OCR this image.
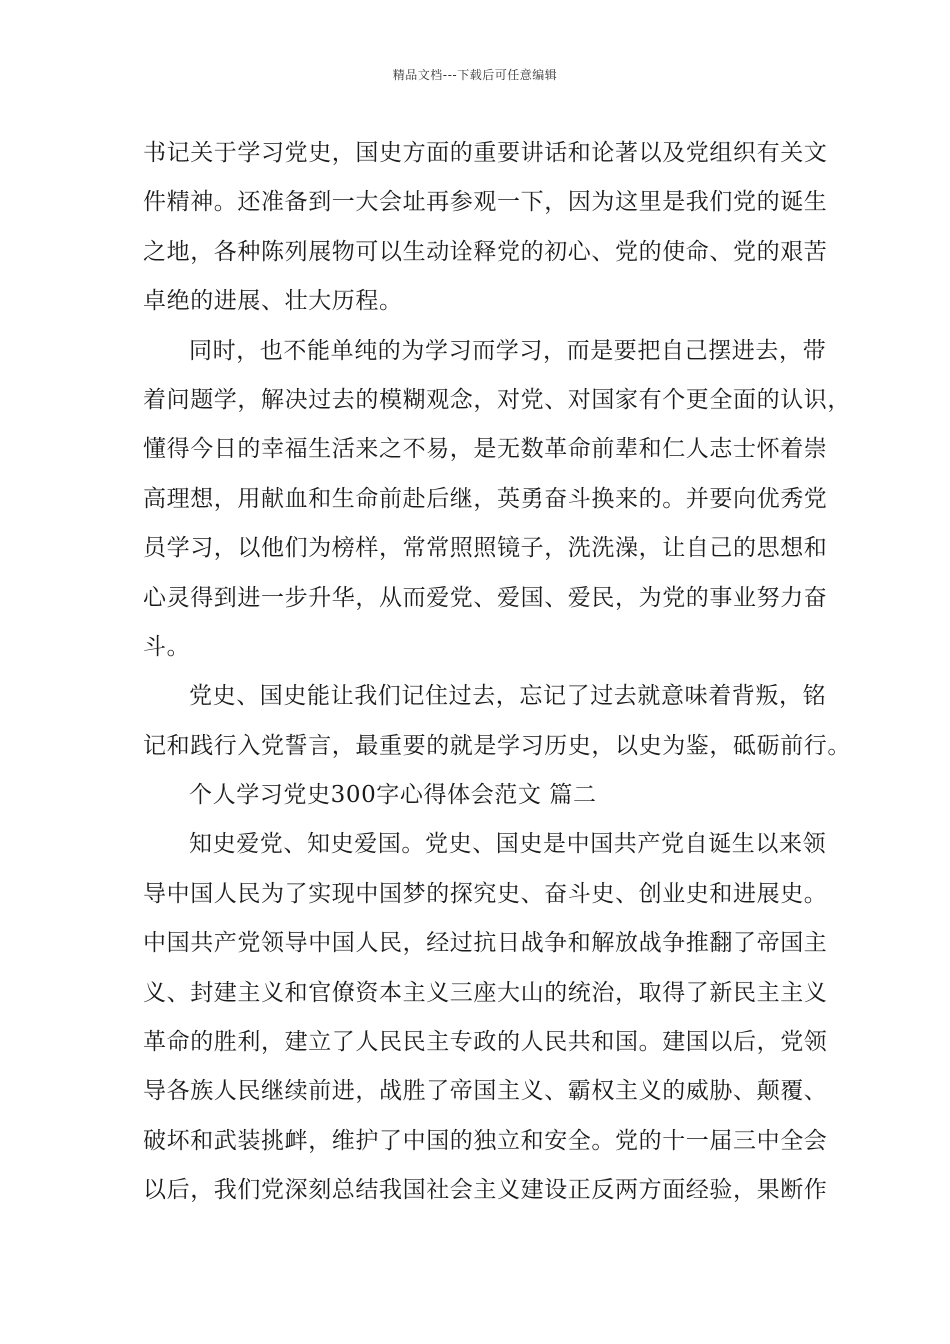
精品文档---下载后可任意编辑
书记关于学习党史，国史方面的重要讲话和论著以及党组织有关文
件精神。还准备到一大会址再参观一下，因为这里是我们党的诞生
之地，各种陈列展物可以生动诠释党的初心、党的使命、党的艰苦
卓绝的进展、壮大历程。
同时，也不能单纯的为学习而学习，而是要把自己摆进去，带
着问题学，解决过去的模糊观念，对党、对国家有个更全面的认识，
懂得今日的幸福生活来之不易，是无数革命前辈和仁人志士怀着崇
高理想，用献血和生命前赴后继，英勇奋斗换来的。并要向优秀党
员学习，以他们为榜样，常常照照镜子，洗洗澡，让自己的思想和
心灵得到进一步升华，从而爱党、爱国、爱民，为党的事业努力奋
斗。
党史、国史能让我们记住过去，忘记了过去就意味着背叛，铭
记和践行入党誓言，最重要的就是学习历史，以史为鉴，砥砺前行。
个人学习党史300字心得体会范文 篇二
知史爱党、知史爱国。党史、国史是中国共产党自诞生以来领
导中国人民为了实现中国梦的探究史、奋斗史、创业史和进展史。
中国共产党领导中国人民，经过抗日战争和解放战争推翻了帝国主
义、封建主义和官僚资本主义三座大山的统治，取得了新民主主义
革命的胜利，建立了人民民主专政的人民共和国。建国以后，党领
导各族人民继续前进，战胜了帝国主义、霸权主义的威胁、颠覆、
破坏和武装挑衅，维护了中国的独立和安全。党的十一届三中全会
以后，我们党深刻总结我国社会主义建设正反两方面经验，果断作
